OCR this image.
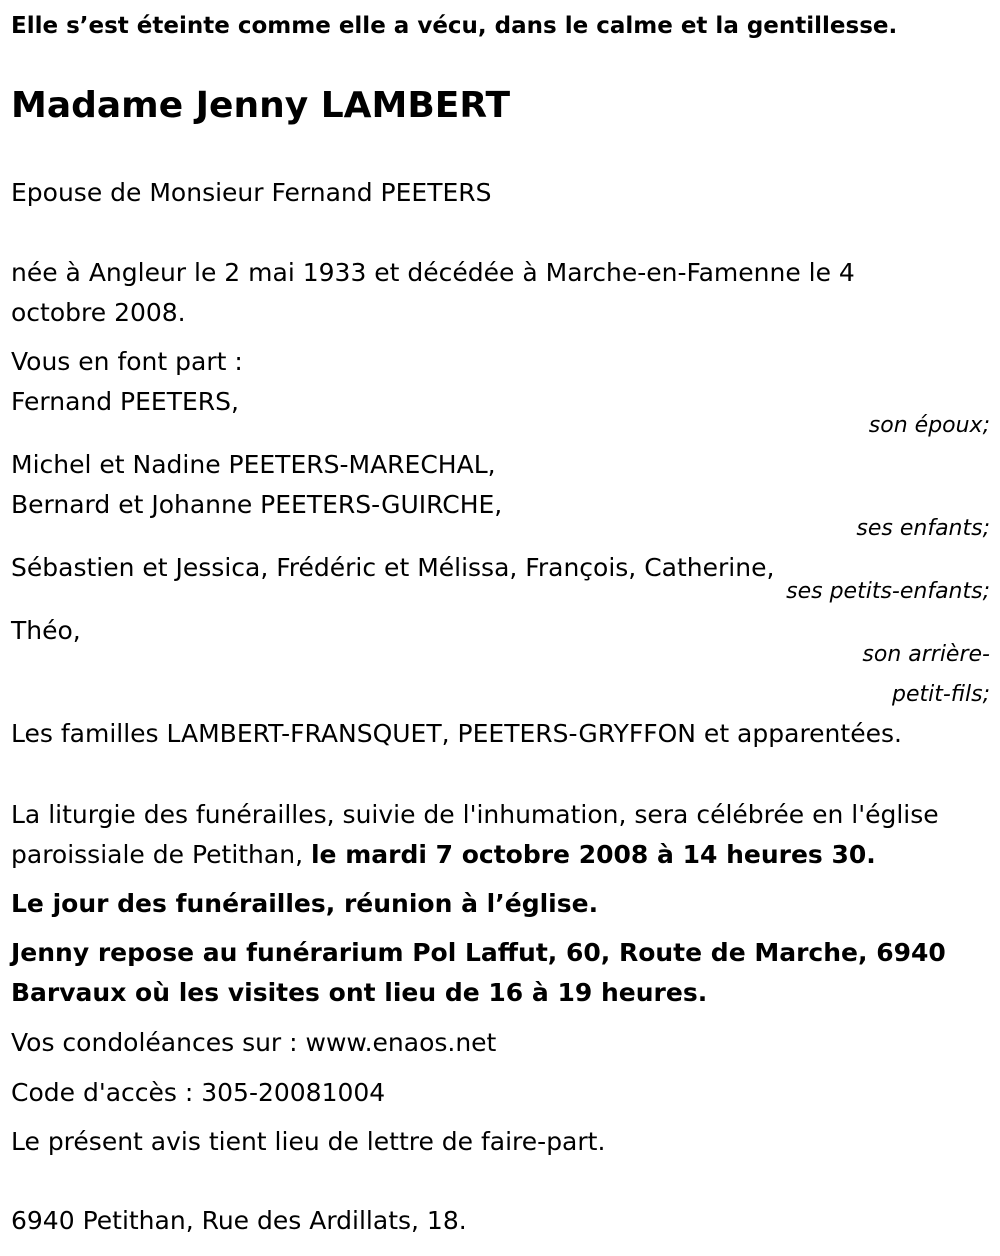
Elle s’est éteinte comme elle a vécu, dans le calme et la gentillesse.
Madame Jenny LAMBERT
Epouse de Monsieur Fernand PEETERS
née à Angleur le 2 mai 1933 et décédée à Marche-en-Famenne le 4
octobre 2008.
Vous en font part :
Fernand PEETERS,
son époux;
Michel et Nadine PEETERS-MARECHAL,
Bernard et Johanne PEETERS-GUIRCHE,
ses enfants;
Sébastien et Jessica, Frédéric et Mélissa, François, Catherine,
ses petits-enfants;
Théo,
son arrière-
petit-fils;
Les familles LAMBERT-FRANSQUET, PEETERS-GRYFFON et apparentées.
La liturgie des funérailles, suivie de l'inhumation, sera célébrée en l'église
paroissiale de Petithan, le mardi 7 octobre 2008 à 14 heures 30.
Le jour des funérailles, réunion à l’église.
Jenny repose au funérarium Pol Laffut, 60, Route de Marche, 6940
Barvaux où les visites ont lieu de 16 à 19 heures.
Vos condoléances sur : www.enaos.net
Code d'accès : 305-20081004
Le présent avis tient lieu de lettre de faire-part.
6940 Petithan, Rue des Ardillats, 18.
